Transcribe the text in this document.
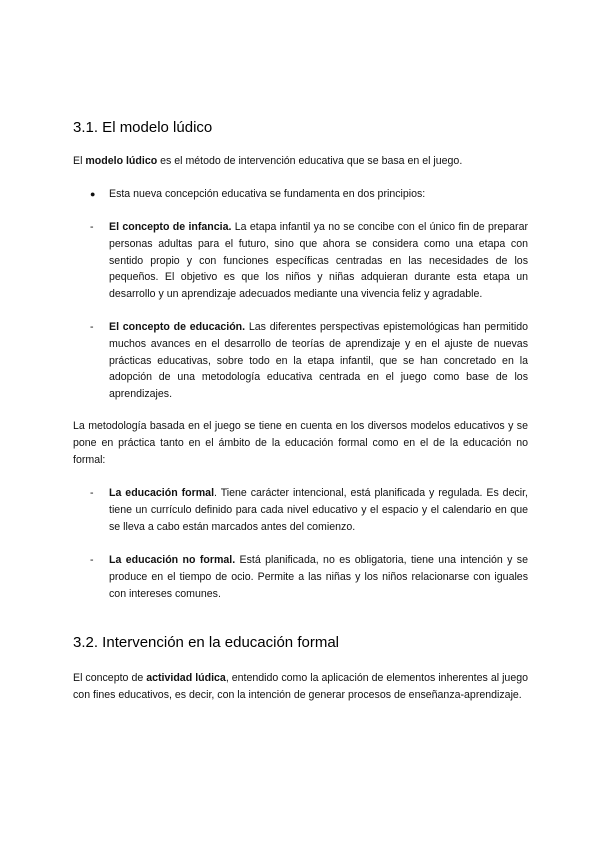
3.1. El modelo lúdico

El modelo lúdico es el método de intervención educativa que se basa en el juego.

● Esta nueva concepción educativa se fundamenta en dos principios:
- El concepto de infancia. La etapa infantil ya no se concibe con el único fin de preparar personas adultas para el futuro, sino que ahora se considera como una etapa con sentido propio y con funciones específicas centradas en las necesidades de los pequeños. El objetivo es que los niños y niñas adquieran durante esta etapa un desarrollo y un aprendizaje adecuados mediante una vivencia feliz y agradable.
- El concepto de educación. Las diferentes perspectivas epistemológicas han permitido muchos avances en el desarrollo de teorías de aprendizaje y en el ajuste de nuevas prácticas educativas, sobre todo en la etapa infantil, que se han concretado en la adopción de una metodología educativa centrada en el juego como base de los aprendizajes.

La metodología basada en el juego se tiene en cuenta en los diversos modelos educativos y se pone en práctica tanto en el ámbito de la educación formal como en el de la educación no formal:

- La educación formal. Tiene carácter intencional, está planificada y regulada. Es decir, tiene un currículo definido para cada nivel educativo y el espacio y el calendario en que se lleva a cabo están marcados antes del comienzo.
- La educación no formal. Está planificada, no es obligatoria, tiene una intención y se produce en el tiempo de ocio. Permite a las niñas y los niños relacionarse con iguales con intereses comunes.
3.2. Intervención en la educación formal

El concepto de actividad lúdica, entendido como la aplicación de elementos inherentes al juego con fines educativos, es decir, con la intención de generar procesos de enseñanza-aprendizaje.
